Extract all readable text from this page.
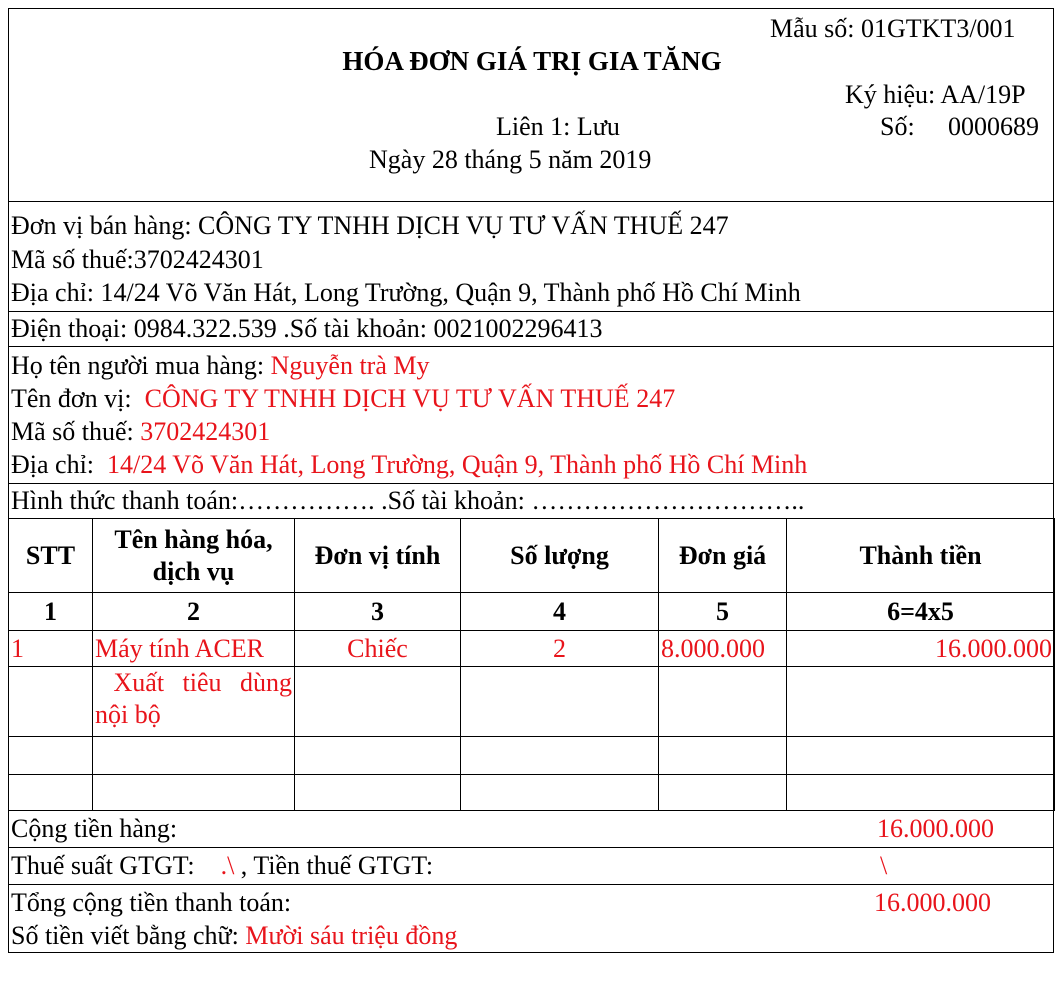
Mẫu số: 01GTKT3/001
HÓA ĐƠN GIÁ TRỊ GIA TĂNG
Ký hiệu: AA/19P
Liên 1: Lưu	Số: 0000689
Ngày 28 tháng 5 năm 2019
Đơn vị bán hàng: CÔNG TY TNHH DỊCH VỤ TƯ VẤN THUẾ 247
Mã số thuế:3702424301
Địa chỉ: 14/24 Võ Văn Hát, Long Trường, Quận 9, Thành phố Hồ Chí Minh
Điện thoại: 0984.322.539 .Số tài khoản: 0021002296413
Họ tên người mua hàng: Nguyễn trà My
Tên đơn vị:  CÔNG TY TNHH DỊCH VỤ TƯ VẤN THUẾ 247
Mã số thuế: 3702424301
Địa chỉ:  14/24 Võ Văn Hát, Long Trường, Quận 9, Thành phố Hồ Chí Minh
Hình thức thanh toán:……………. .Số tài khoản: …………………………..
STT	Tên hàng hóa, dịch vụ	Đơn vị tính	Số lượng	Đơn giá	Thành tiền
1	2	3	4	5	6=4x5
1	Máy tính ACER	Chiếc	2	8.000.000	16.000.000
	Xuất tiêu dùng nội bộ				

Cộng tiền hàng:	16.000.000
Thuế suất GTGT: .\ , Tiền thuế GTGT:	\
Tổng cộng tiền thanh toán:	16.000.000
Số tiền viết bằng chữ: Mười sáu triệu đồng
